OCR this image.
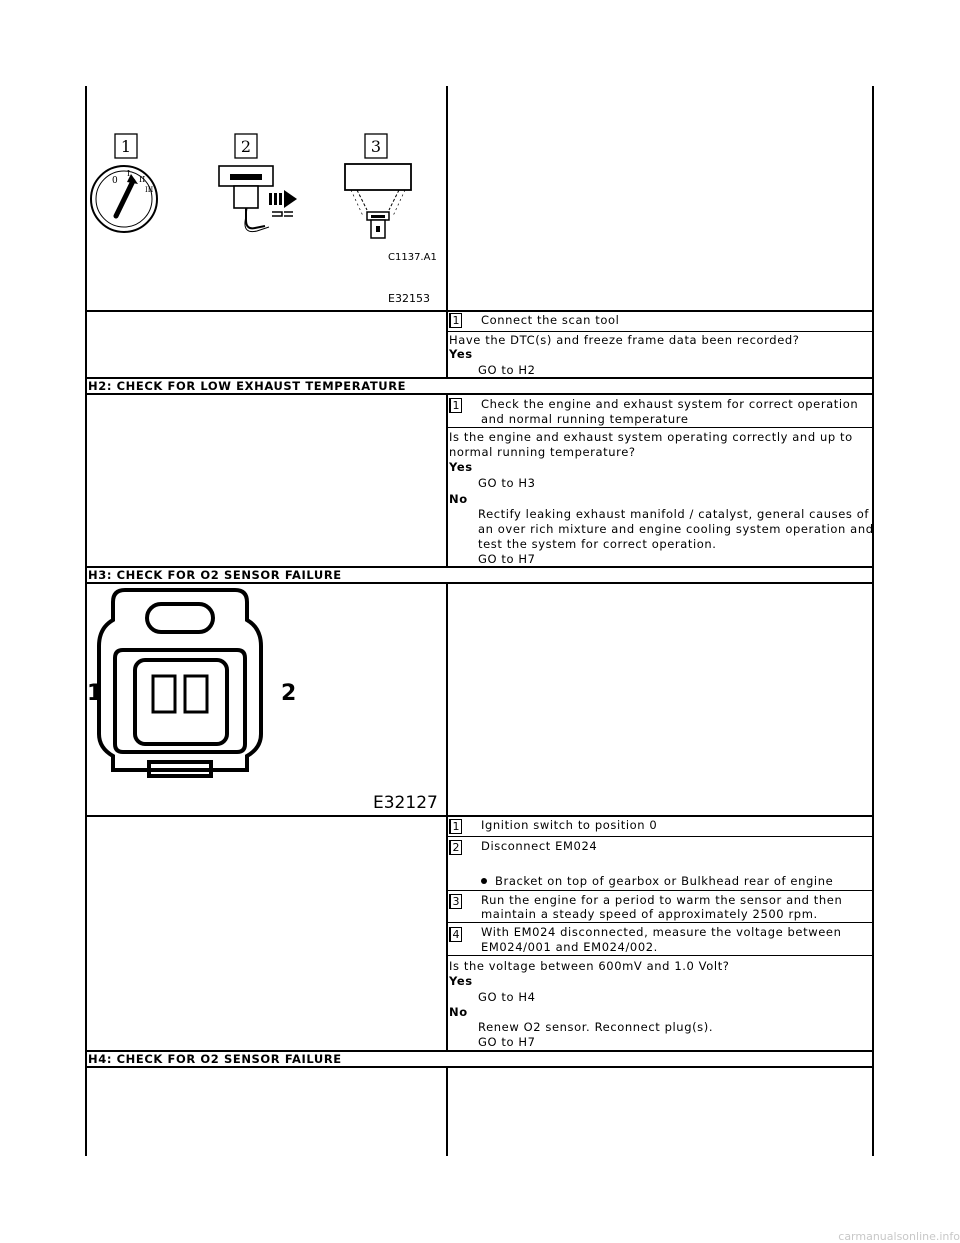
1	2	3
0
I
II
III
C1137.A1
E32153
1 Connect the scan tool
Have the DTC(s) and freeze frame data been recorded?
Yes
GO to H2
H2: CHECK FOR LOW EXHAUST TEMPERATURE
1 Check the engine and exhaust system for correct operation
and normal running temperature
Is the engine and exhaust system operating correctly and up to
normal running temperature?
Yes
GO to H3
No
Rectify leaking exhaust manifold / catalyst, general causes of
an over rich mixture and engine cooling system operation and
test the system for correct operation.
GO to H7
H3: CHECK FOR O2 SENSOR FAILURE
1	2
E32127
1 Ignition switch to position 0
2 Disconnect EM024
Bracket on top of gearbox or Bulkhead rear of engine
3 Run the engine for a period to warm the sensor and then
maintain a steady speed of approximately 2500 rpm.
4 With EM024 disconnected, measure the voltage between
EM024/001 and EM024/002.
Is the voltage between 600mV and 1.0 Volt?
Yes
GO to H4
No
Renew O2 sensor. Reconnect plug(s).
GO to H7
H4: CHECK FOR O2 SENSOR FAILURE
carmanualsonline.info
